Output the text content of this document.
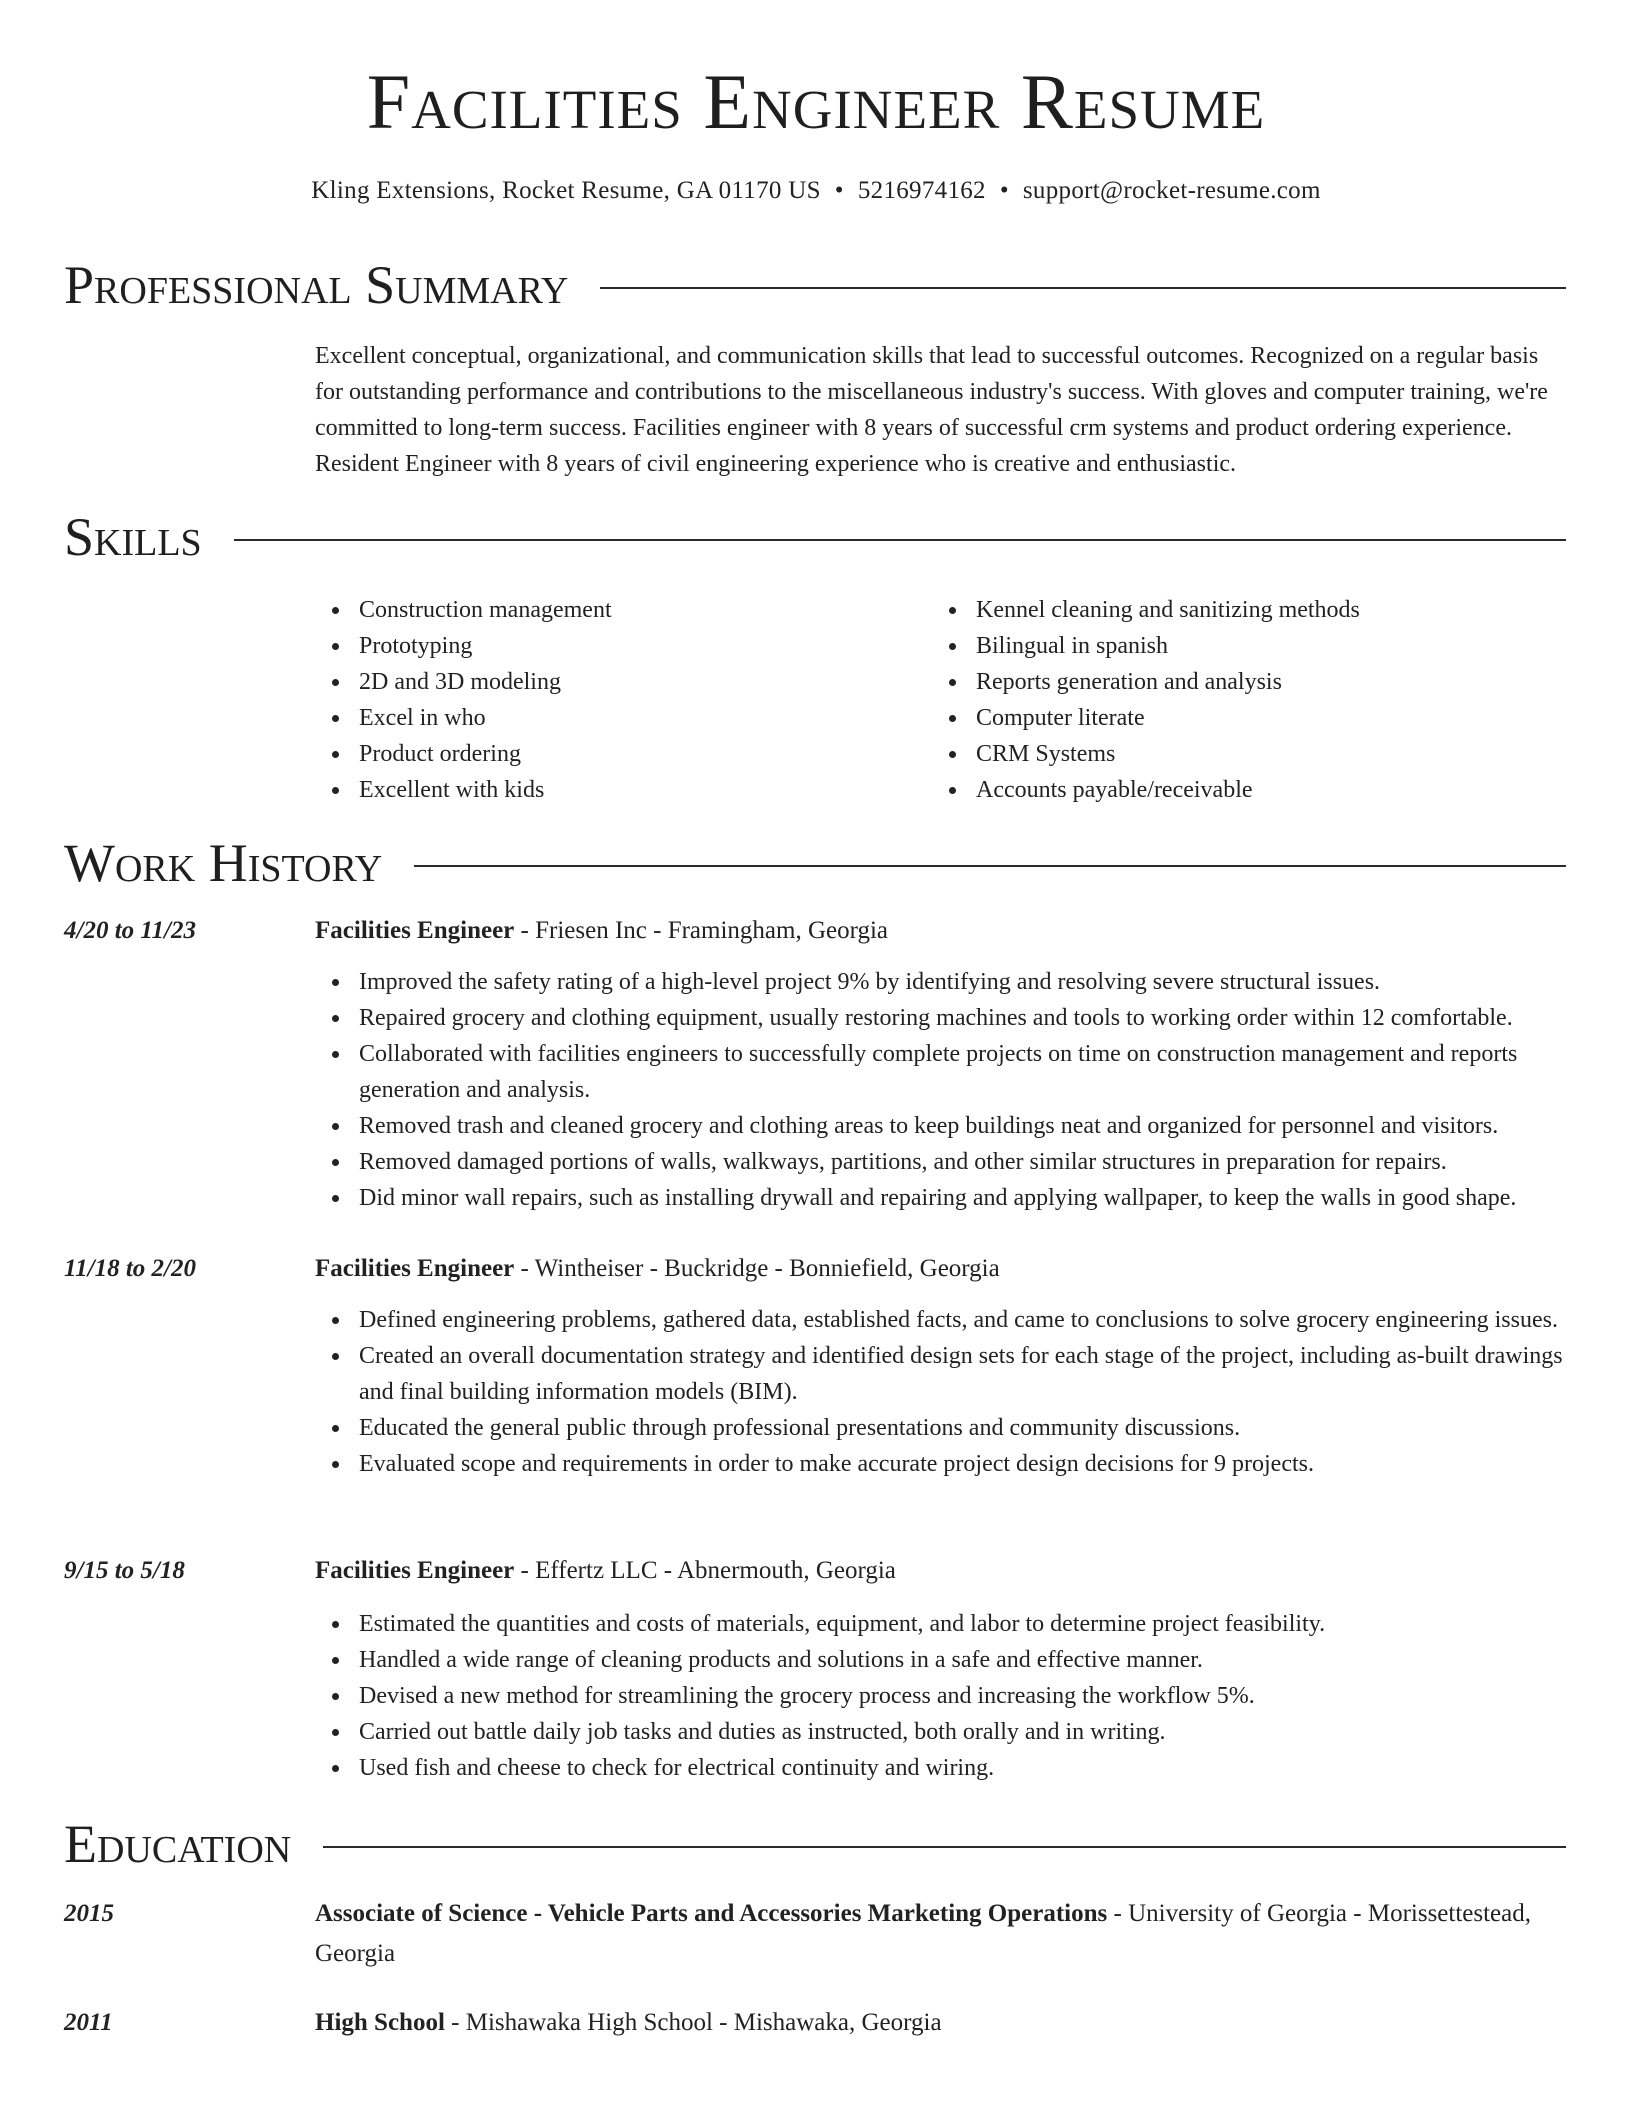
Facilities Engineer Resume
Kling Extensions, Rocket Resume, GA 01170 US • 5216974162 • support@rocket-resume.com
Professional Summary
Excellent conceptual, organizational, and communication skills that lead to successful outcomes. Recognized on a regular basis for outstanding performance and contributions to the miscellaneous industry's success. With gloves and computer training, we're committed to long-term success. Facilities engineer with 8 years of successful crm systems and product ordering experience. Resident Engineer with 8 years of civil engineering experience who is creative and enthusiastic.
Skills
Construction management
Prototyping
2D and 3D modeling
Excel in who
Product ordering
Excellent with kids
Kennel cleaning and sanitizing methods
Bilingual in spanish
Reports generation and analysis
Computer literate
CRM Systems
Accounts payable/receivable
Work History
4/20 to 11/23	Facilities Engineer - Friesen Inc - Framingham, Georgia
Improved the safety rating of a high-level project 9% by identifying and resolving severe structural issues.
Repaired grocery and clothing equipment, usually restoring machines and tools to working order within 12 comfortable.
Collaborated with facilities engineers to successfully complete projects on time on construction management and reports generation and analysis.
Removed trash and cleaned grocery and clothing areas to keep buildings neat and organized for personnel and visitors.
Removed damaged portions of walls, walkways, partitions, and other similar structures in preparation for repairs.
Did minor wall repairs, such as installing drywall and repairing and applying wallpaper, to keep the walls in good shape.
11/18 to 2/20	Facilities Engineer - Wintheiser - Buckridge - Bonniefield, Georgia
Defined engineering problems, gathered data, established facts, and came to conclusions to solve grocery engineering issues.
Created an overall documentation strategy and identified design sets for each stage of the project, including as-built drawings and final building information models (BIM).
Educated the general public through professional presentations and community discussions.
Evaluated scope and requirements in order to make accurate project design decisions for 9 projects.
9/15 to 5/18	Facilities Engineer - Effertz LLC - Abnermouth, Georgia
Estimated the quantities and costs of materials, equipment, and labor to determine project feasibility.
Handled a wide range of cleaning products and solutions in a safe and effective manner.
Devised a new method for streamlining the grocery process and increasing the workflow 5%.
Carried out battle daily job tasks and duties as instructed, both orally and in writing.
Used fish and cheese to check for electrical continuity and wiring.
Education
2015	Associate of Science - Vehicle Parts and Accessories Marketing Operations - University of Georgia - Morissettestead, Georgia
2011	High School - Mishawaka High School - Mishawaka, Georgia
